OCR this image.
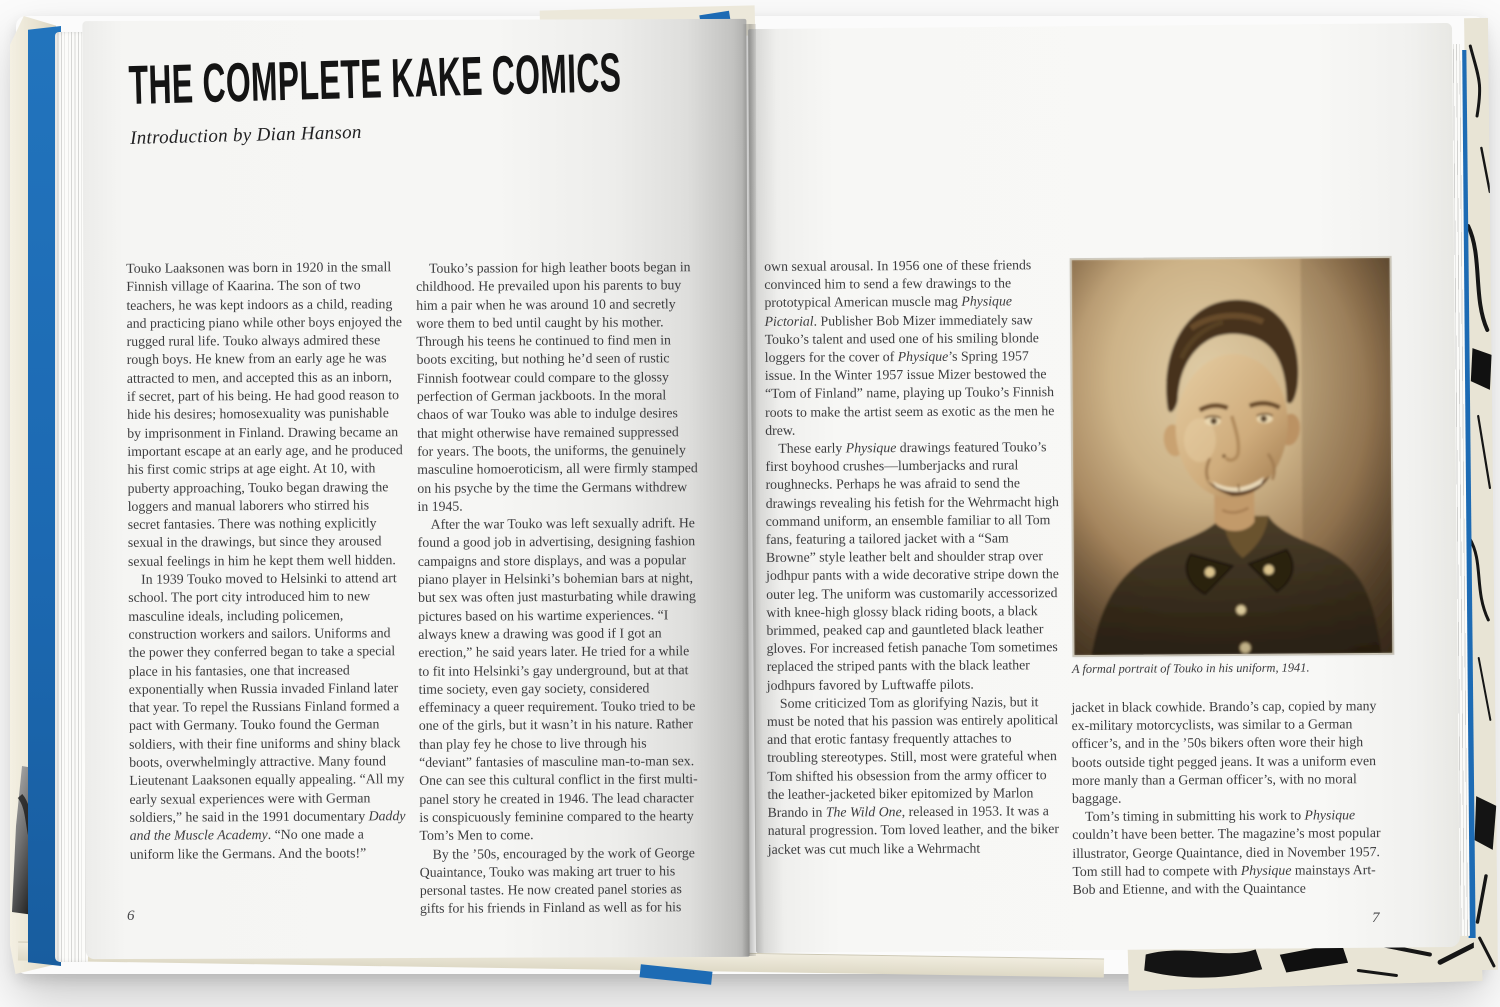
THE COMPLETE KAKE COMICS
Introduction by Dian Hanson

Touko Laaksonen was born in 1920 in the small Finnish village of Kaarina. The son of two teachers, he was kept indoors as a child, reading and practicing piano while other boys enjoyed the rugged rural life. Touko always admired these rough boys. He knew from an early age he was attracted to men, and accepted this as an inborn, if secret, part of his being. He had good reason to hide his desires; homosexuality was punishable by imprisonment in Finland. Drawing became an important escape at an early age, and he produced his first comic strips at age eight. At 10, with puberty approaching, Touko began drawing the loggers and manual laborers who stirred his secret fantasies. There was nothing explicitly sexual in the drawings, but since they aroused sexual feelings in him he kept them well hidden.

In 1939 Touko moved to Helsinki to attend art school. The port city introduced him to new masculine ideals, including policemen, construction workers and sailors. Uniforms and the power they conferred began to take a special place in his fantasies, one that increased exponentially when Russia invaded Finland later that year. To repel the Russians Finland formed a pact with Germany. Touko found the German soldiers, with their fine uniforms and shiny black boots, overwhelmingly attractive. Many found Lieutenant Laaksonen equally appealing. “All my early sexual experiences were with German soldiers,” he said in the 1991 documentary Daddy and the Muscle Academy. “No one made a uniform like the Germans. And the boots!”

Touko’s passion for high leather boots began in childhood. He prevailed upon his parents to buy him a pair when he was around 10 and secretly wore them to bed until caught by his mother. Through his teens he continued to find men in boots exciting, but nothing he’d seen of rustic Finnish footwear could compare to the glossy perfection of German jackboots. In the moral chaos of war Touko was able to indulge desires that might otherwise have remained suppressed for years. The boots, the uniforms, the genuinely masculine homoeroticism, all were firmly stamped on his psyche by the time the Germans withdrew in 1945.

After the war Touko was left sexually adrift. He found a good job in advertising, designing fashion campaigns and store displays, and was a popular piano player in Helsinki’s bohemian bars at night, but sex was often just masturbating while drawing pictures based on his wartime experiences. “I always knew a drawing was good if I got an erection,” he said years later. He tried for a while to fit into Helsinki’s gay underground, but at that time society, even gay society, considered effeminacy a queer requirement. Touko tried to be one of the girls, but it wasn’t in his nature. Rather than play fey he chose to live through his “deviant” fantasies of masculine man-to-man sex. One can see this cultural conflict in the first multi-panel story he created in 1946. The lead character is conspicuously feminine compared to the hearty Tom’s Men to come.

By the ’50s, encouraged by the work of George Quaintance, Touko was making art truer to his personal tastes. He now created panel stories as gifts for his friends in Finland as well as for his

6

own sexual arousal. In 1956 one of these friends convinced him to send a few drawings to the prototypical American muscle mag Physique Pictorial. Publisher Bob Mizer immediately saw Touko’s talent and used one of his smiling blonde loggers for the cover of Physique’s Spring 1957 issue. In the Winter 1957 issue Mizer bestowed the “Tom of Finland” name, playing up Touko’s Finnish roots to make the artist seem as exotic as the men he drew.

These early Physique drawings featured Touko’s first boyhood crushes—lumberjacks and rural roughnecks. Perhaps he was afraid to send the drawings revealing his fetish for the Wehrmacht high command uniform, an ensemble familiar to all Tom fans, featuring a tailored jacket with a “Sam Browne” style leather belt and shoulder strap over jodhpur pants with a wide decorative stripe down the outer leg. The uniform was customarily accessorized with knee-high glossy black riding boots, a black brimmed, peaked cap and gauntleted black leather gloves. For increased fetish panache Tom sometimes replaced the striped pants with the black leather jodhpurs favored by Luftwaffe pilots.

Some criticized Tom as glorifying Nazis, but it must be noted that his passion was entirely apolitical and that erotic fantasy frequently attaches to troubling stereotypes. Still, most were grateful when Tom shifted his obsession from the army officer to the leather-jacketed biker epitomized by Marlon Brando in The Wild One, released in 1953. It was a natural progression. Tom loved leather, and the biker jacket was cut much like a Wehrmacht

A formal portrait of Touko in his uniform, 1941.

jacket in black cowhide. Brando’s cap, copied by many ex-military motorcyclists, was similar to a German officer’s, and in the ’50s bikers often wore their high boots outside tight pegged jeans. It was a uniform even more manly than a German officer’s, with no moral baggage.

Tom’s timing in submitting his work to Physique couldn’t have been better. The magazine’s most popular illustrator, George Quaintance, died in November 1957. Tom still had to compete with Physique mainstays Art-Bob and Etienne, and with the Quaintance

7
